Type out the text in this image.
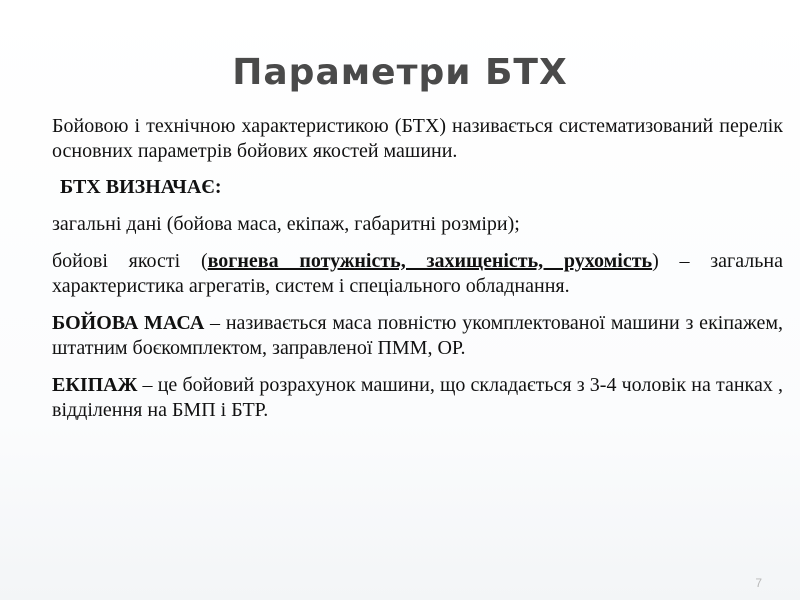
Параметри БТХ

Бойовою і технічною характеристикою (БТХ) називається систематизований перелік основних параметрів бойових якостей машини.

БТХ ВИЗНАЧАЄ:

загальні дані (бойова маса, екіпаж, габаритні розміри);

бойові якості (вогнева потужність, захищеність, рухомість) – загальна характеристика агрегатів, систем і спеціального обладнання.

БОЙОВА МАСА – називається маса повністю укомплектованої машини з екіпажем, штатним боєкомплектом, заправленої ПММ, ОР.

ЕКІПАЖ – це бойовий розрахунок машини, що складається з 3-4 чоловік на танках , відділення на БМП і БТР.

7
